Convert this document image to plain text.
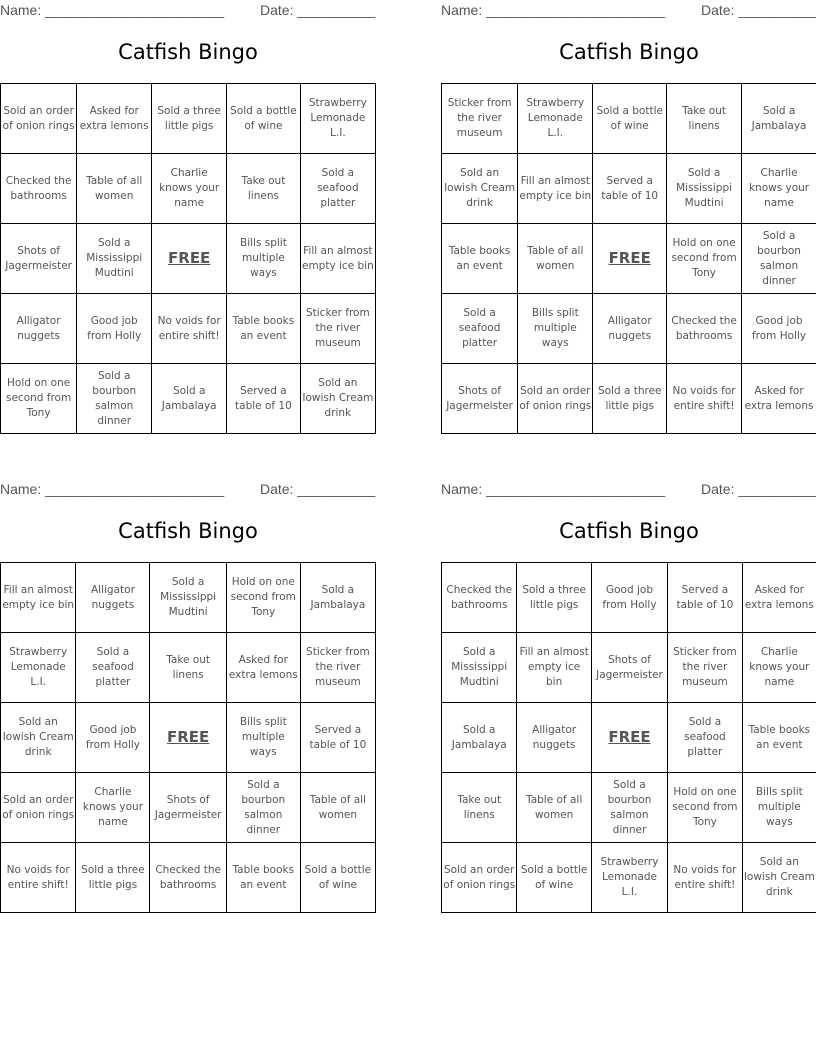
Name: _______________________	Date: __________
Catfish Bingo
Sold an order of onion rings	Asked for extra lemons	Sold a three little pigs	Sold a bottle of wine	Strawberry Lemonade L.I.
Checked the bathrooms	Table of all women	Charlie knows your name	Take out linens	Sold a seafood platter
Shots of Jagermeister	Sold a Mississippi Mudtini	FREE	Bills split multiple ways	Fill an almost empty ice bin
Alligator nuggets	Good job from Holly	No voids for entire shift!	Table books an event	Sticker from the river museum
Hold on one second from Tony	Sold a bourbon salmon dinner	Sold a Jambalaya	Served a table of 10	Sold an Iowish Cream drink
Name: _______________________	Date: __________
Catfish Bingo
Sticker from the river museum	Strawberry Lemonade L.I.	Sold a bottle of wine	Take out linens	Sold a Jambalaya
Sold an Iowish Cream drink	Fill an almost empty ice bin	Served a table of 10	Sold a Mississippi Mudtini	Charlie knows your name
Table books an event	Table of all women	FREE	Hold on one second from Tony	Sold a bourbon salmon dinner
Sold a seafood platter	Bills split multiple ways	Alligator nuggets	Checked the bathrooms	Good job from Holly
Shots of Jagermeister	Sold an order of onion rings	Sold a three little pigs	No voids for entire shift!	Asked for extra lemons
Name: _______________________	Date: __________
Catfish Bingo
Fill an almost empty ice bin	Alligator nuggets	Sold a Mississippi Mudtini	Hold on one second from Tony	Sold a Jambalaya
Strawberry Lemonade L.I.	Sold a seafood platter	Take out linens	Asked for extra lemons	Sticker from the river museum
Sold an Iowish Cream drink	Good job from Holly	FREE	Bills split multiple ways	Served a table of 10
Sold an order of onion rings	Charlie knows your name	Shots of Jagermeister	Sold a bourbon salmon dinner	Table of all women
No voids for entire shift!	Sold a three little pigs	Checked the bathrooms	Table books an event	Sold a bottle of wine
Name: _______________________	Date: __________
Catfish Bingo
Checked the bathrooms	Sold a three little pigs	Good job from Holly	Served a table of 10	Asked for extra lemons
Sold a Mississippi Mudtini	Fill an almost empty ice bin	Shots of Jagermeister	Sticker from the river museum	Charlie knows your name
Sold a Jambalaya	Alligator nuggets	FREE	Sold a seafood platter	Table books an event
Take out linens	Table of all women	Sold a bourbon salmon dinner	Hold on one second from Tony	Bills split multiple ways
Sold an order of onion rings	Sold a bottle of wine	Strawberry Lemonade L.I.	No voids for entire shift!	Sold an Iowish Cream drink
